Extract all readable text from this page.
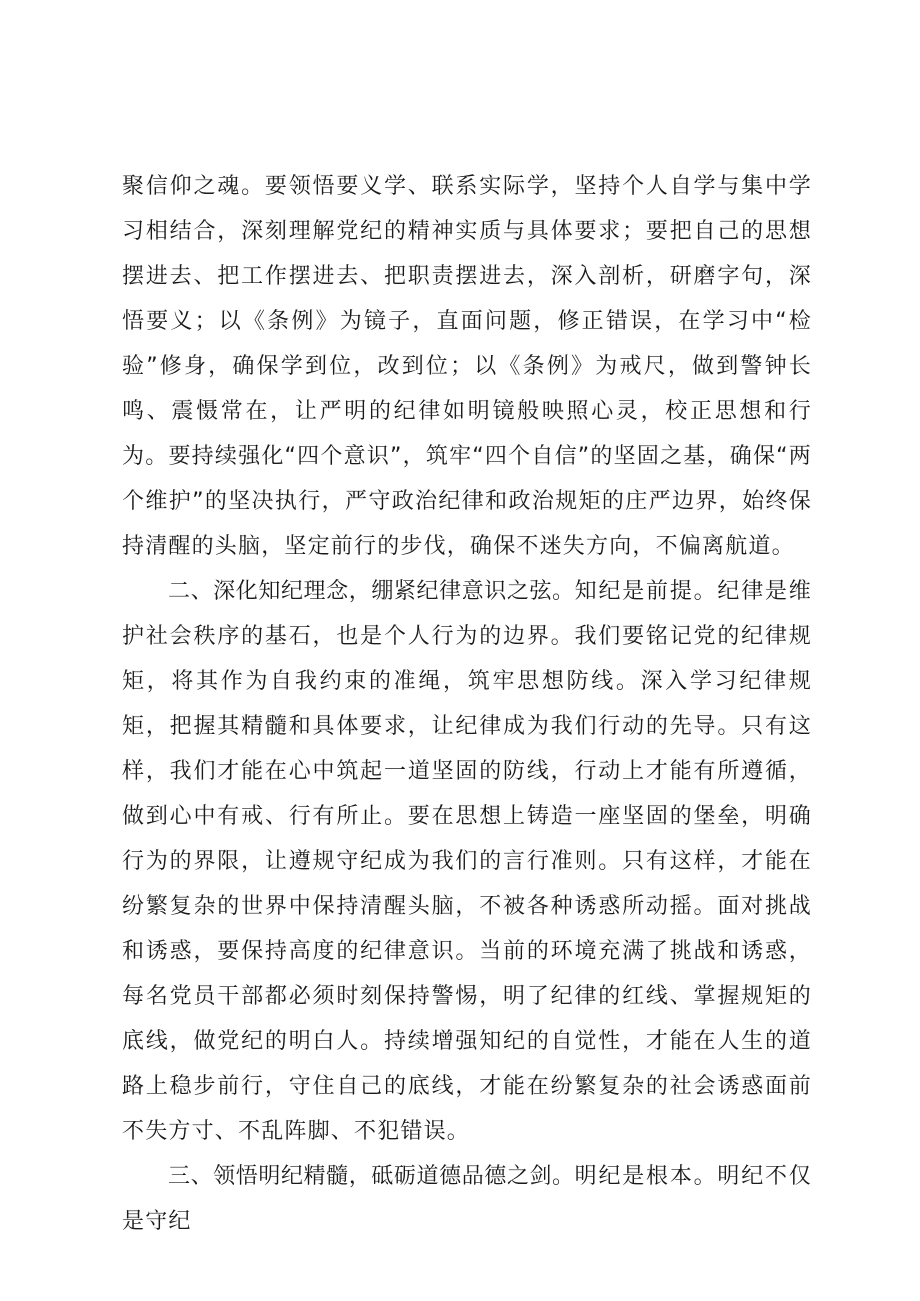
聚信仰之魂。要领悟要义学、联系实际学，坚持个人自学与集中学习相结合，深刻理解党纪的精神实质与具体要求；要把自己的思想摆进去、把工作摆进去、把职责摆进去，深入剖析，研磨字句，深悟要义；以《条例》为镜子，直面问题，修正错误，在学习中“检验”修身，确保学到位，改到位；以《条例》为戒尺，做到警钟长鸣、震慑常在，让严明的纪律如明镜般映照心灵，校正思想和行为。要持续强化“四个意识”，筑牢“四个自信”的坚固之基，确保“两个维护”的坚决执行，严守政治纪律和政治规矩的庄严边界，始终保持清醒的头脑，坚定前行的步伐，确保不迷失方向，不偏离航道。

二、深化知纪理念，绷紧纪律意识之弦。知纪是前提。纪律是维护社会秩序的基石，也是个人行为的边界。我们要铭记党的纪律规矩，将其作为自我约束的准绳，筑牢思想防线。深入学习纪律规矩，把握其精髓和具体要求，让纪律成为我们行动的先导。只有这样，我们才能在心中筑起一道坚固的防线，行动上才能有所遵循，做到心中有戒、行有所止。要在思想上铸造一座坚固的堡垒，明确行为的界限，让遵规守纪成为我们的言行准则。只有这样，才能在纷繁复杂的世界中保持清醒头脑，不被各种诱惑所动摇。面对挑战和诱惑，要保持高度的纪律意识。当前的环境充满了挑战和诱惑，每名党员干部都必须时刻保持警惕，明了纪律的红线、掌握规矩的底线，做党纪的明白人。持续增强知纪的自觉性，才能在人生的道路上稳步前行，守住自己的底线，才能在纷繁复杂的社会诱惑面前不失方寸、不乱阵脚、不犯错误。

三、领悟明纪精髓，砥砺道德品德之剑。明纪是根本。明纪不仅是守纪
